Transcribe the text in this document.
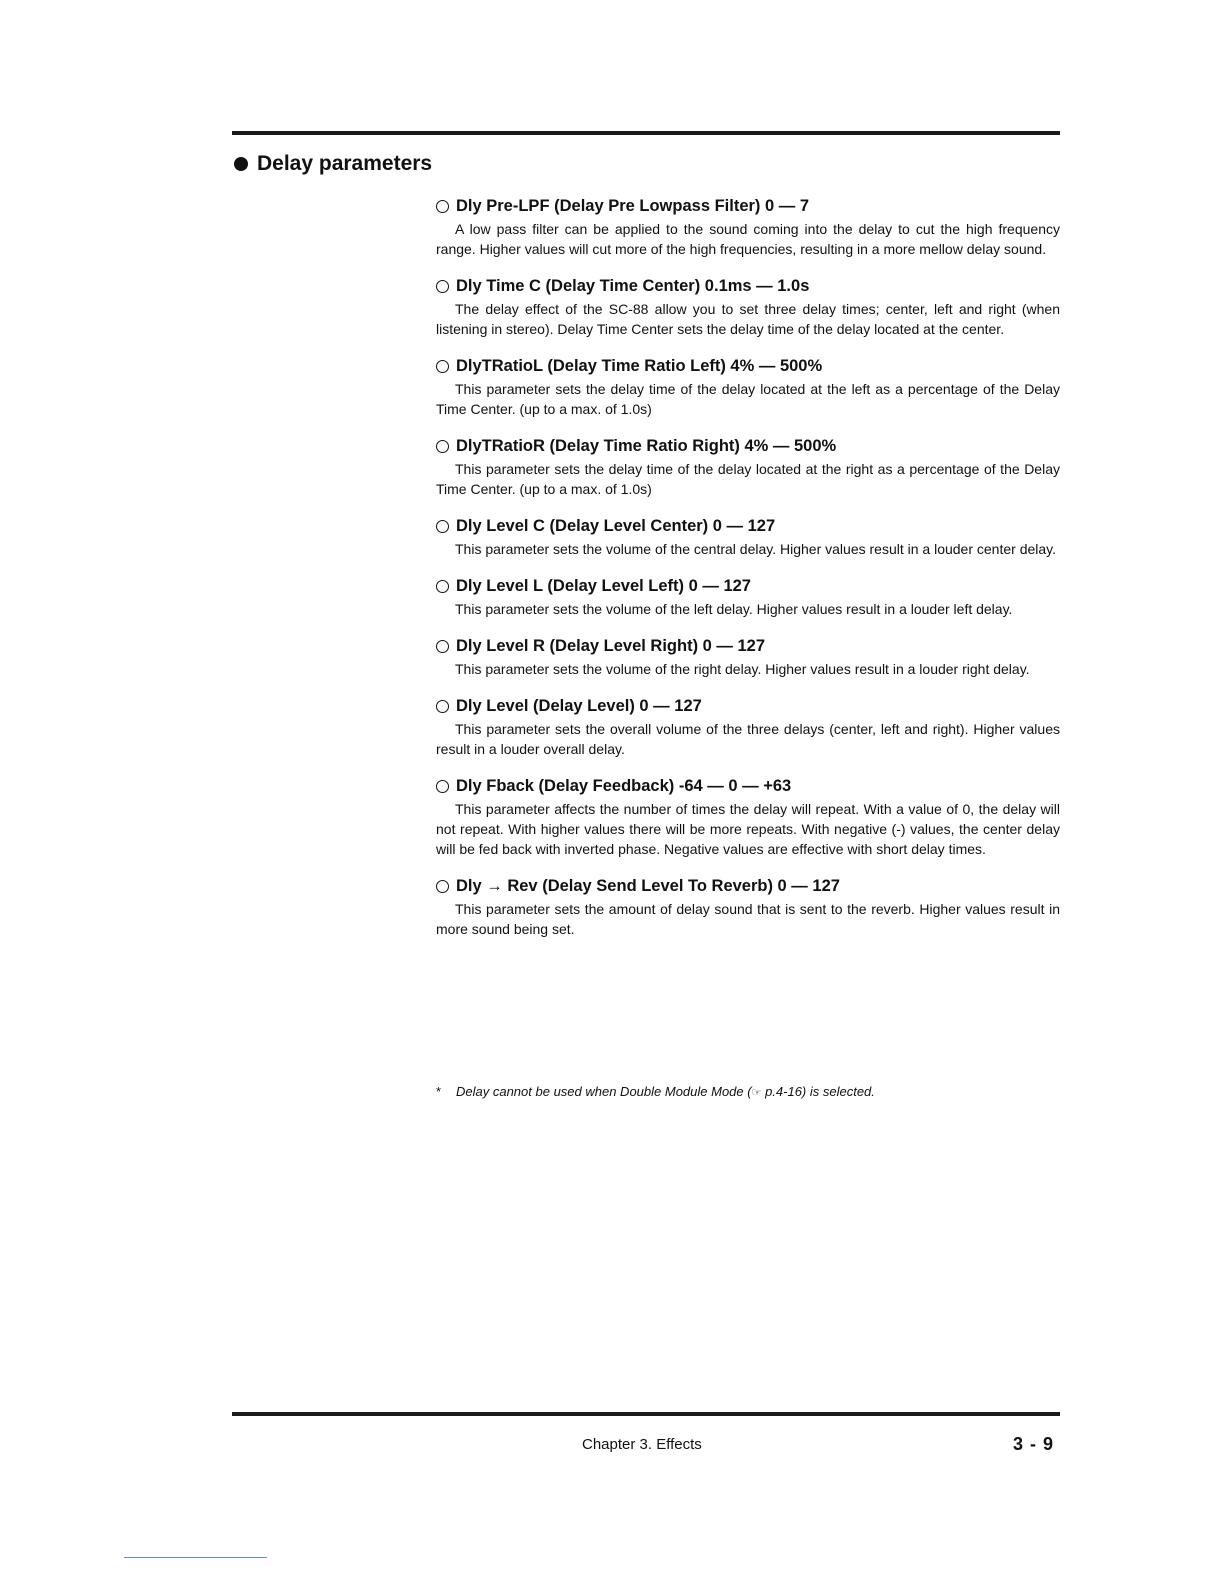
Delay parameters
Dly Pre-LPF (Delay Pre Lowpass Filter) 0 — 7

A low pass filter can be applied to the sound coming into the delay to cut the high frequency range. Higher values will cut more of the high frequencies, resulting in a more mellow delay sound.

Dly Time C (Delay Time Center) 0.1ms — 1.0s

The delay effect of the SC-88 allow you to set three delay times; center, left and right (when listening in stereo). Delay Time Center sets the delay time of the delay located at the center.

DlyTRatioL (Delay Time Ratio Left) 4% — 500%

This parameter sets the delay time of the delay located at the left as a percentage of the Delay Time Center. (up to a max. of 1.0s)

DlyTRatioR (Delay Time Ratio Right) 4% — 500%

This parameter sets the delay time of the delay located at the right as a percentage of the Delay Time Center. (up to a max. of 1.0s)

Dly Level C (Delay Level Center) 0 — 127

This parameter sets the volume of the central delay. Higher values result in a louder center delay.

Dly Level L (Delay Level Left) 0 — 127

This parameter sets the volume of the left delay. Higher values result in a louder left delay.

Dly Level R (Delay Level Right) 0 — 127

This parameter sets the volume of the right delay. Higher values result in a louder right delay.

Dly Level (Delay Level) 0 — 127

This parameter sets the overall volume of the three delays (center, left and right). Higher values result in a louder overall delay.

Dly Fback (Delay Feedback) -64 — 0 — +63

This parameter affects the number of times the delay will repeat. With a value of 0, the delay will not repeat. With higher values there will be more repeats. With negative (-) values, the center delay will be fed back with inverted phase. Negative values are effective with short delay times.

Dly → Rev (Delay Send Level To Reverb) 0 — 127

This parameter sets the amount of delay sound that is sent to the reverb. Higher values result in more sound being set.

* Delay cannot be used when Double Module Mode (☞ p.4-16) is selected.
Chapter 3. Effects	3 - 9
